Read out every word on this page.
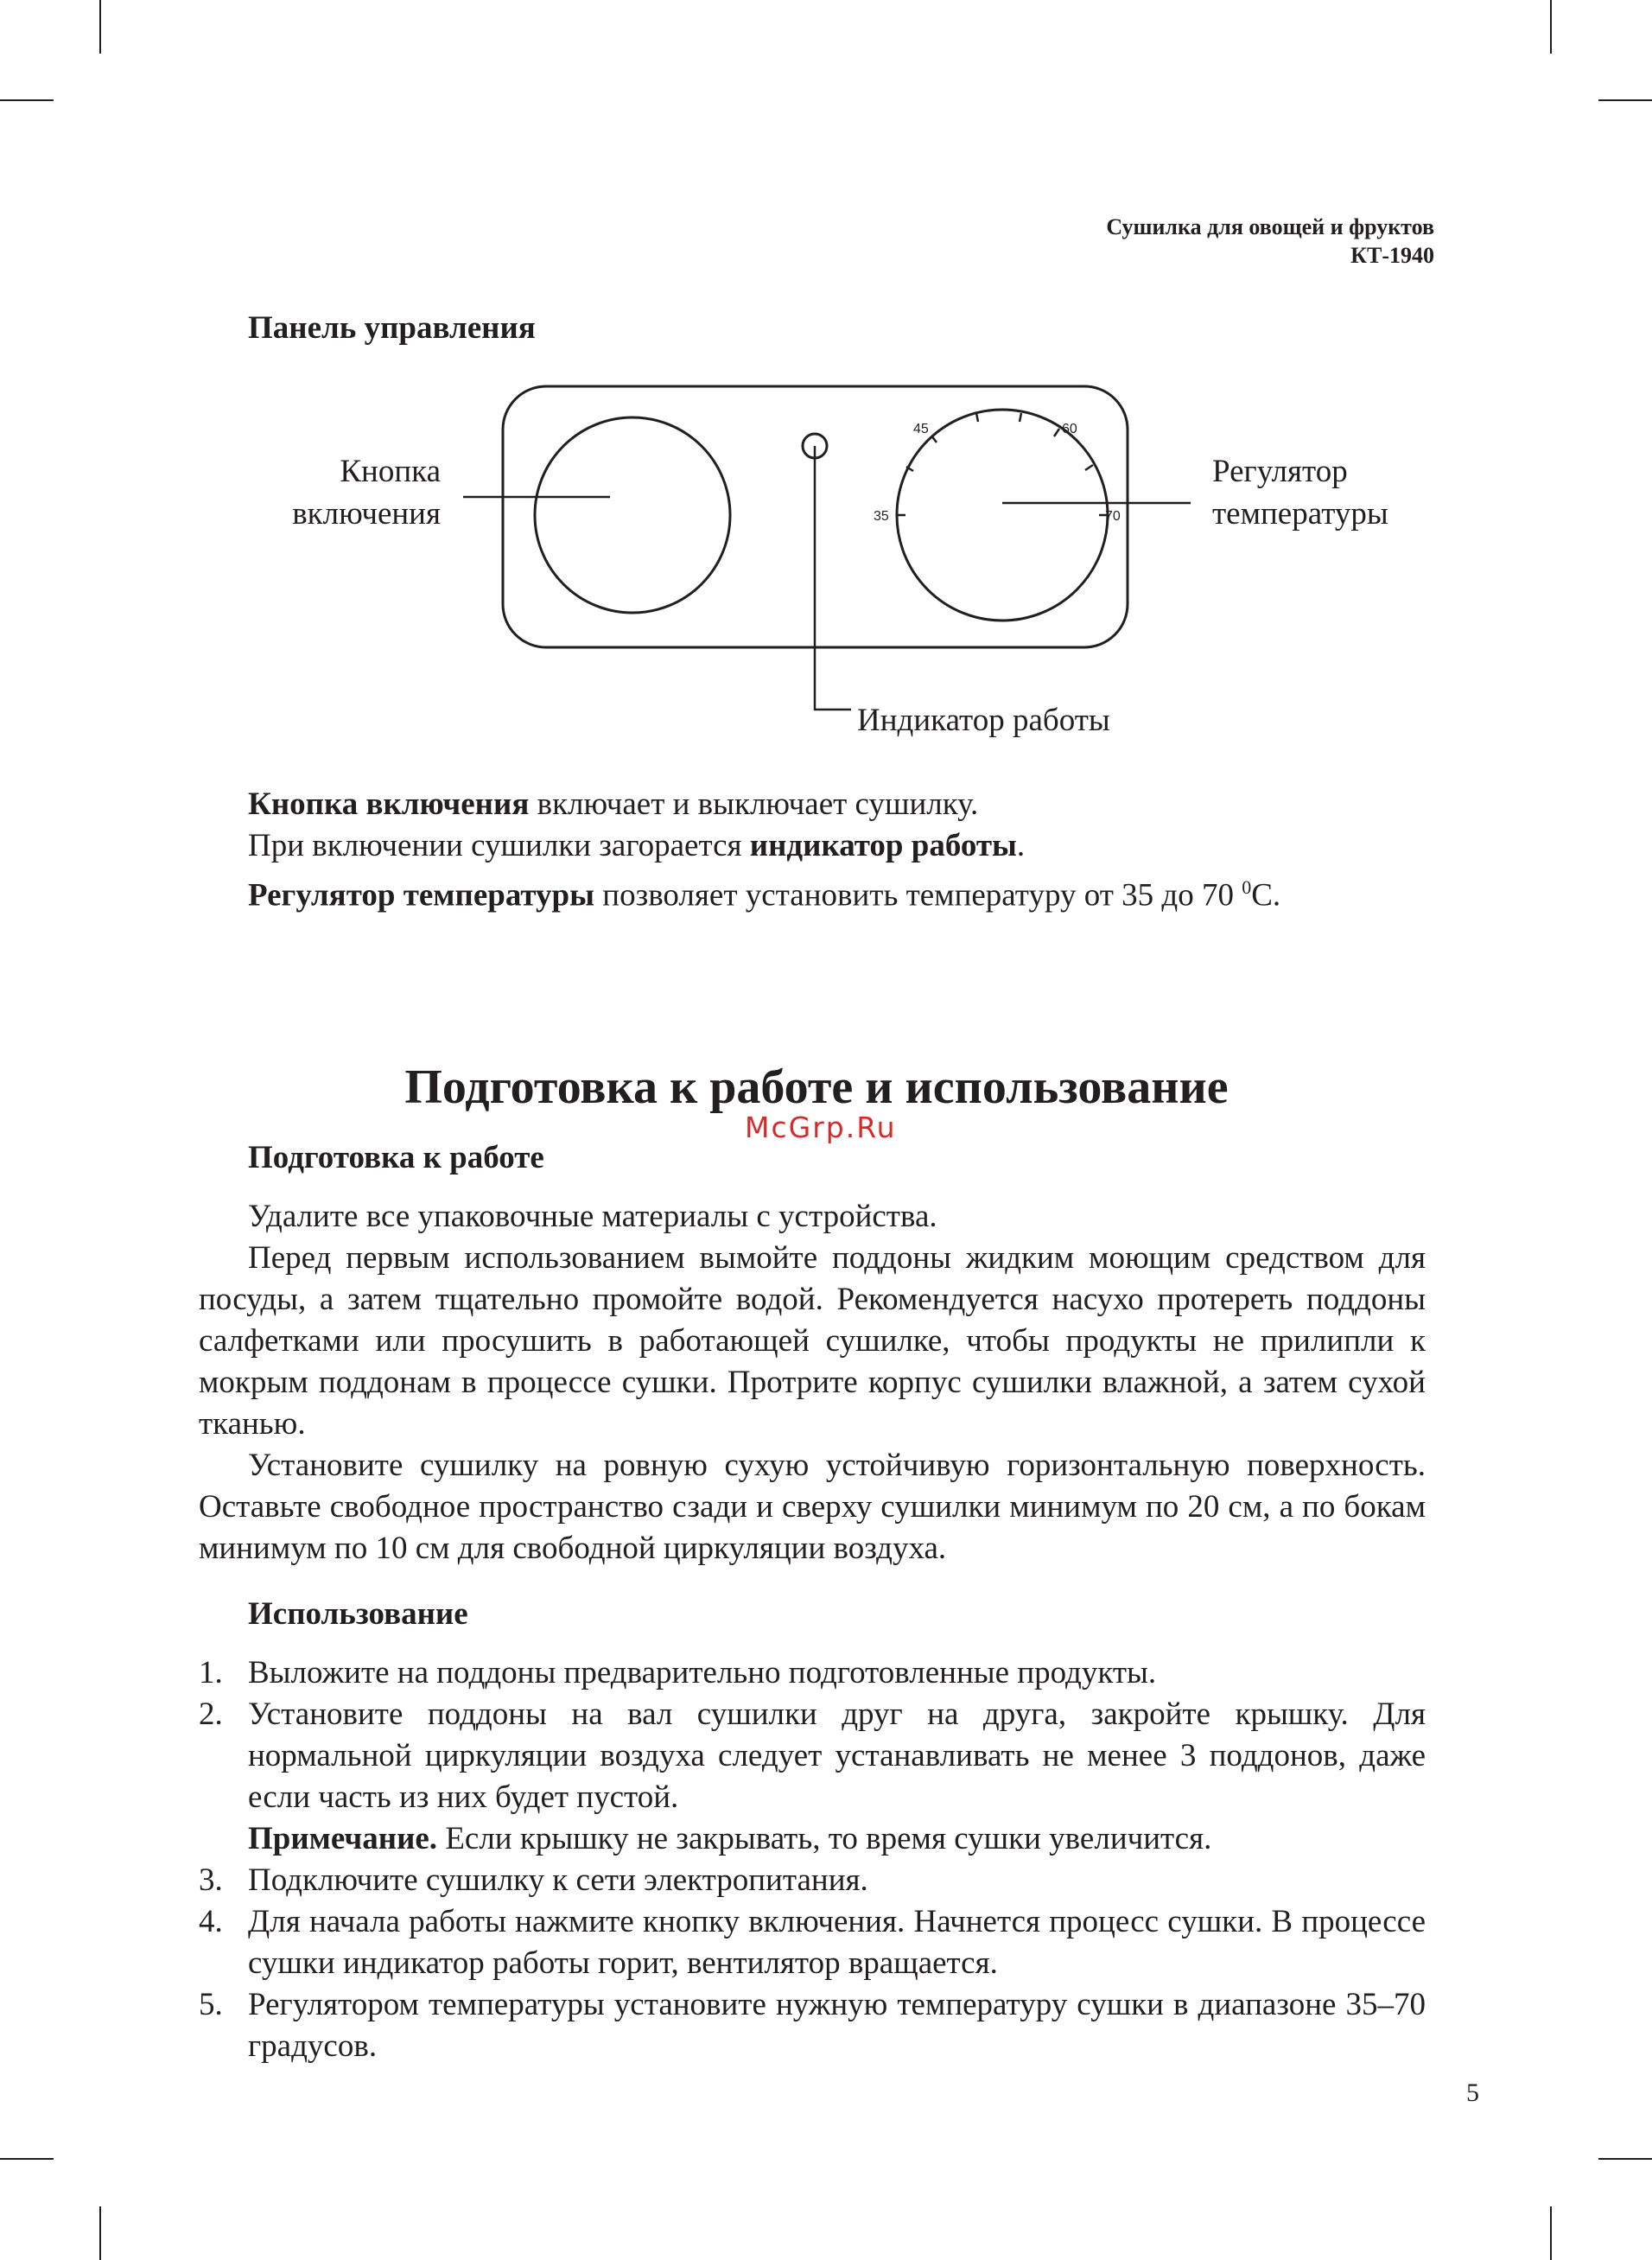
Сушилка для овощей и фруктов
КТ-1940
Панель управления
35
45	60
70
Кнопка
включения
Регулятор
температуры
Индикатор работы
Кнопка включения включает и выключает сушилку.
При включении сушилки загорается индикатор работы.
Регулятор температуры позволяет установить температуру от 35 до 70 $^0$С.
Подготовка к работе и использование
McGrp.Ru
Подготовка к работе

Удалите все упаковочные материалы с устройства.

Перед первым использованием вымойте поддоны жидким моющим средством для посуды, а затем тщательно промойте водой. Рекомендуется насухо протереть поддоны салфетками или просушить в работающей сушилке, чтобы продукты не прилипли к мокрым поддонам в процессе сушки. Протрите корпус сушилки влажной, а затем сухой тканью.

Установите сушилку на ровную сухую устойчивую горизонтальную поверхность. Оставьте свободное пространство сзади и сверху сушилки минимум по 20 см, а по бокам минимум по 10 см для свободной циркуляции воздуха.

Использование
1. Выложите на поддоны предварительно подготовленные продукты.
2. Установите поддоны на вал сушилки друг на друга, закройте крышку. Для нормальной циркуляции воздуха следует устанавливать не менее 3 поддонов, даже если часть из них будет пустой.
Примечание. Если крышку не закрывать, то время сушки увеличится.
3. Подключите сушилку к сети электропитания.
4. Для начала работы нажмите кнопку включения. Начнется процесс сушки. В процессе сушки индикатор работы горит, вентилятор вращается.
5. Регулятором температуры установите нужную температуру сушки в диапазоне 35–70 градусов.
5
